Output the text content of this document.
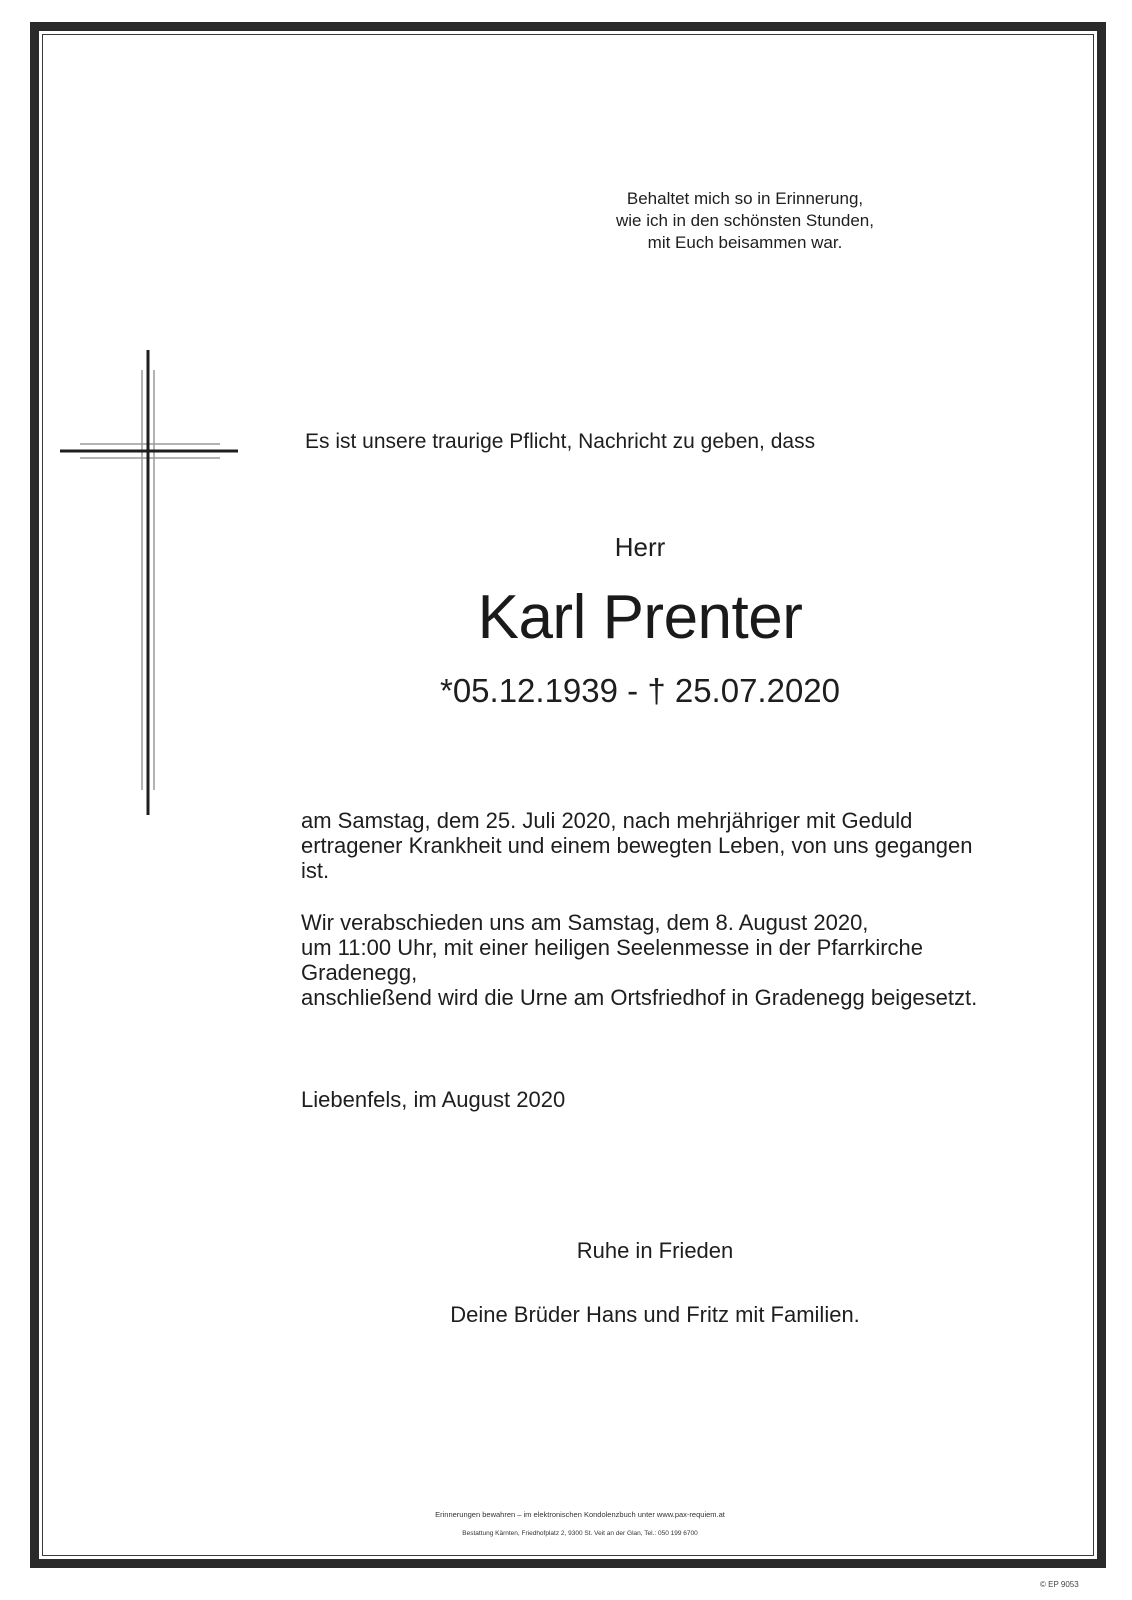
Behaltet mich so in Erinnerung,
wie ich in den schönsten Stunden,
mit Euch beisammen war.
Es ist unsere traurige Pflicht, Nachricht zu geben, dass
Herr
Karl Prenter
*05.12.1939 - † 25.07.2020
am Samstag, dem 25. Juli 2020, nach mehrjähriger mit Geduld
ertragener Krankheit und einem bewegten Leben, von uns gegangen
ist.
Wir verabschieden uns am Samstag, dem 8. August 2020,
um 11:00 Uhr, mit einer heiligen Seelenmesse in der Pfarrkirche
Gradenegg,
anschließend wird die Urne am Ortsfriedhof in Gradenegg beigesetzt.
Liebenfels, im August 2020
Ruhe in Frieden
Deine Brüder Hans und Fritz mit Familien.
Erinnerungen bewahren – im elektronischen Kondolenzbuch unter www.pax-requiem.at
Bestattung Kärnten, Friedhofplatz 2, 9300 St. Veit an der Glan, Tel.: 050 199 6700
© EP 9053
